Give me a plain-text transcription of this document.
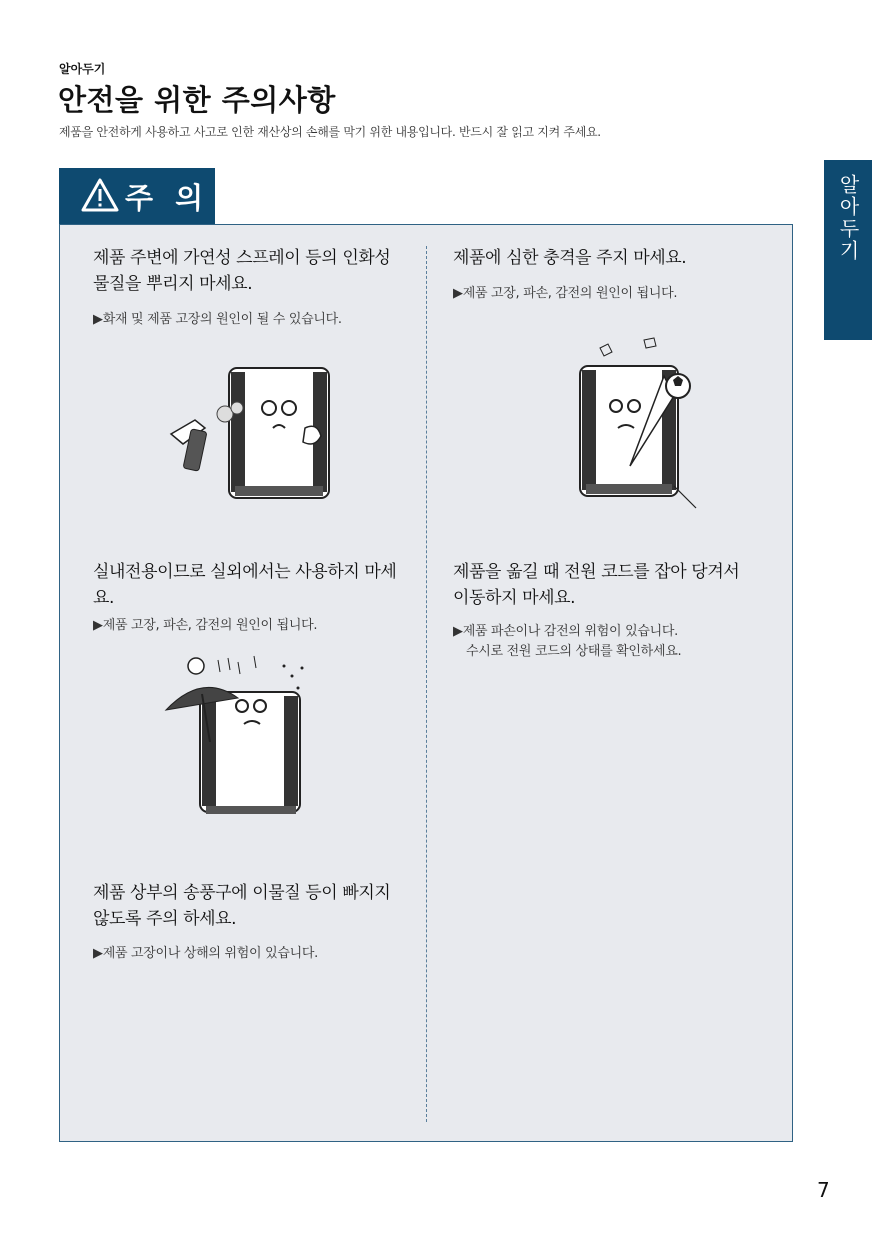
알아두기
안전을 위한 주의사항
제품을 안전하게 사용하고 사고로 인한 재산상의 손해를 막기 위한 내용입니다. 반드시 잘 읽고 지켜 주세요.
알아두기
주 의
제품 주변에 가연성 스프레이 등의 인화성
물질을 뿌리지 마세요.
▶화재 및 제품 고장의 원인이 될 수 있습니다.
제품에 심한 충격을 주지 마세요.
▶제품 고장, 파손, 감전의 원인이 됩니다.
실내전용이므로 실외에서는 사용하지 마세
요.
▶제품 고장, 파손, 감전의 원인이 됩니다.
제품을 옮길 때 전원 코드를 잡아 당겨서
이동하지 마세요.
▶제품 파손이나 감전의 위험이 있습니다.
수시로 전원 코드의 상태를 확인하세요.
제품 상부의 송풍구에 이물질 등이 빠지지
않도록 주의 하세요.
▶제품 고장이나 상해의 위험이 있습니다.
7
